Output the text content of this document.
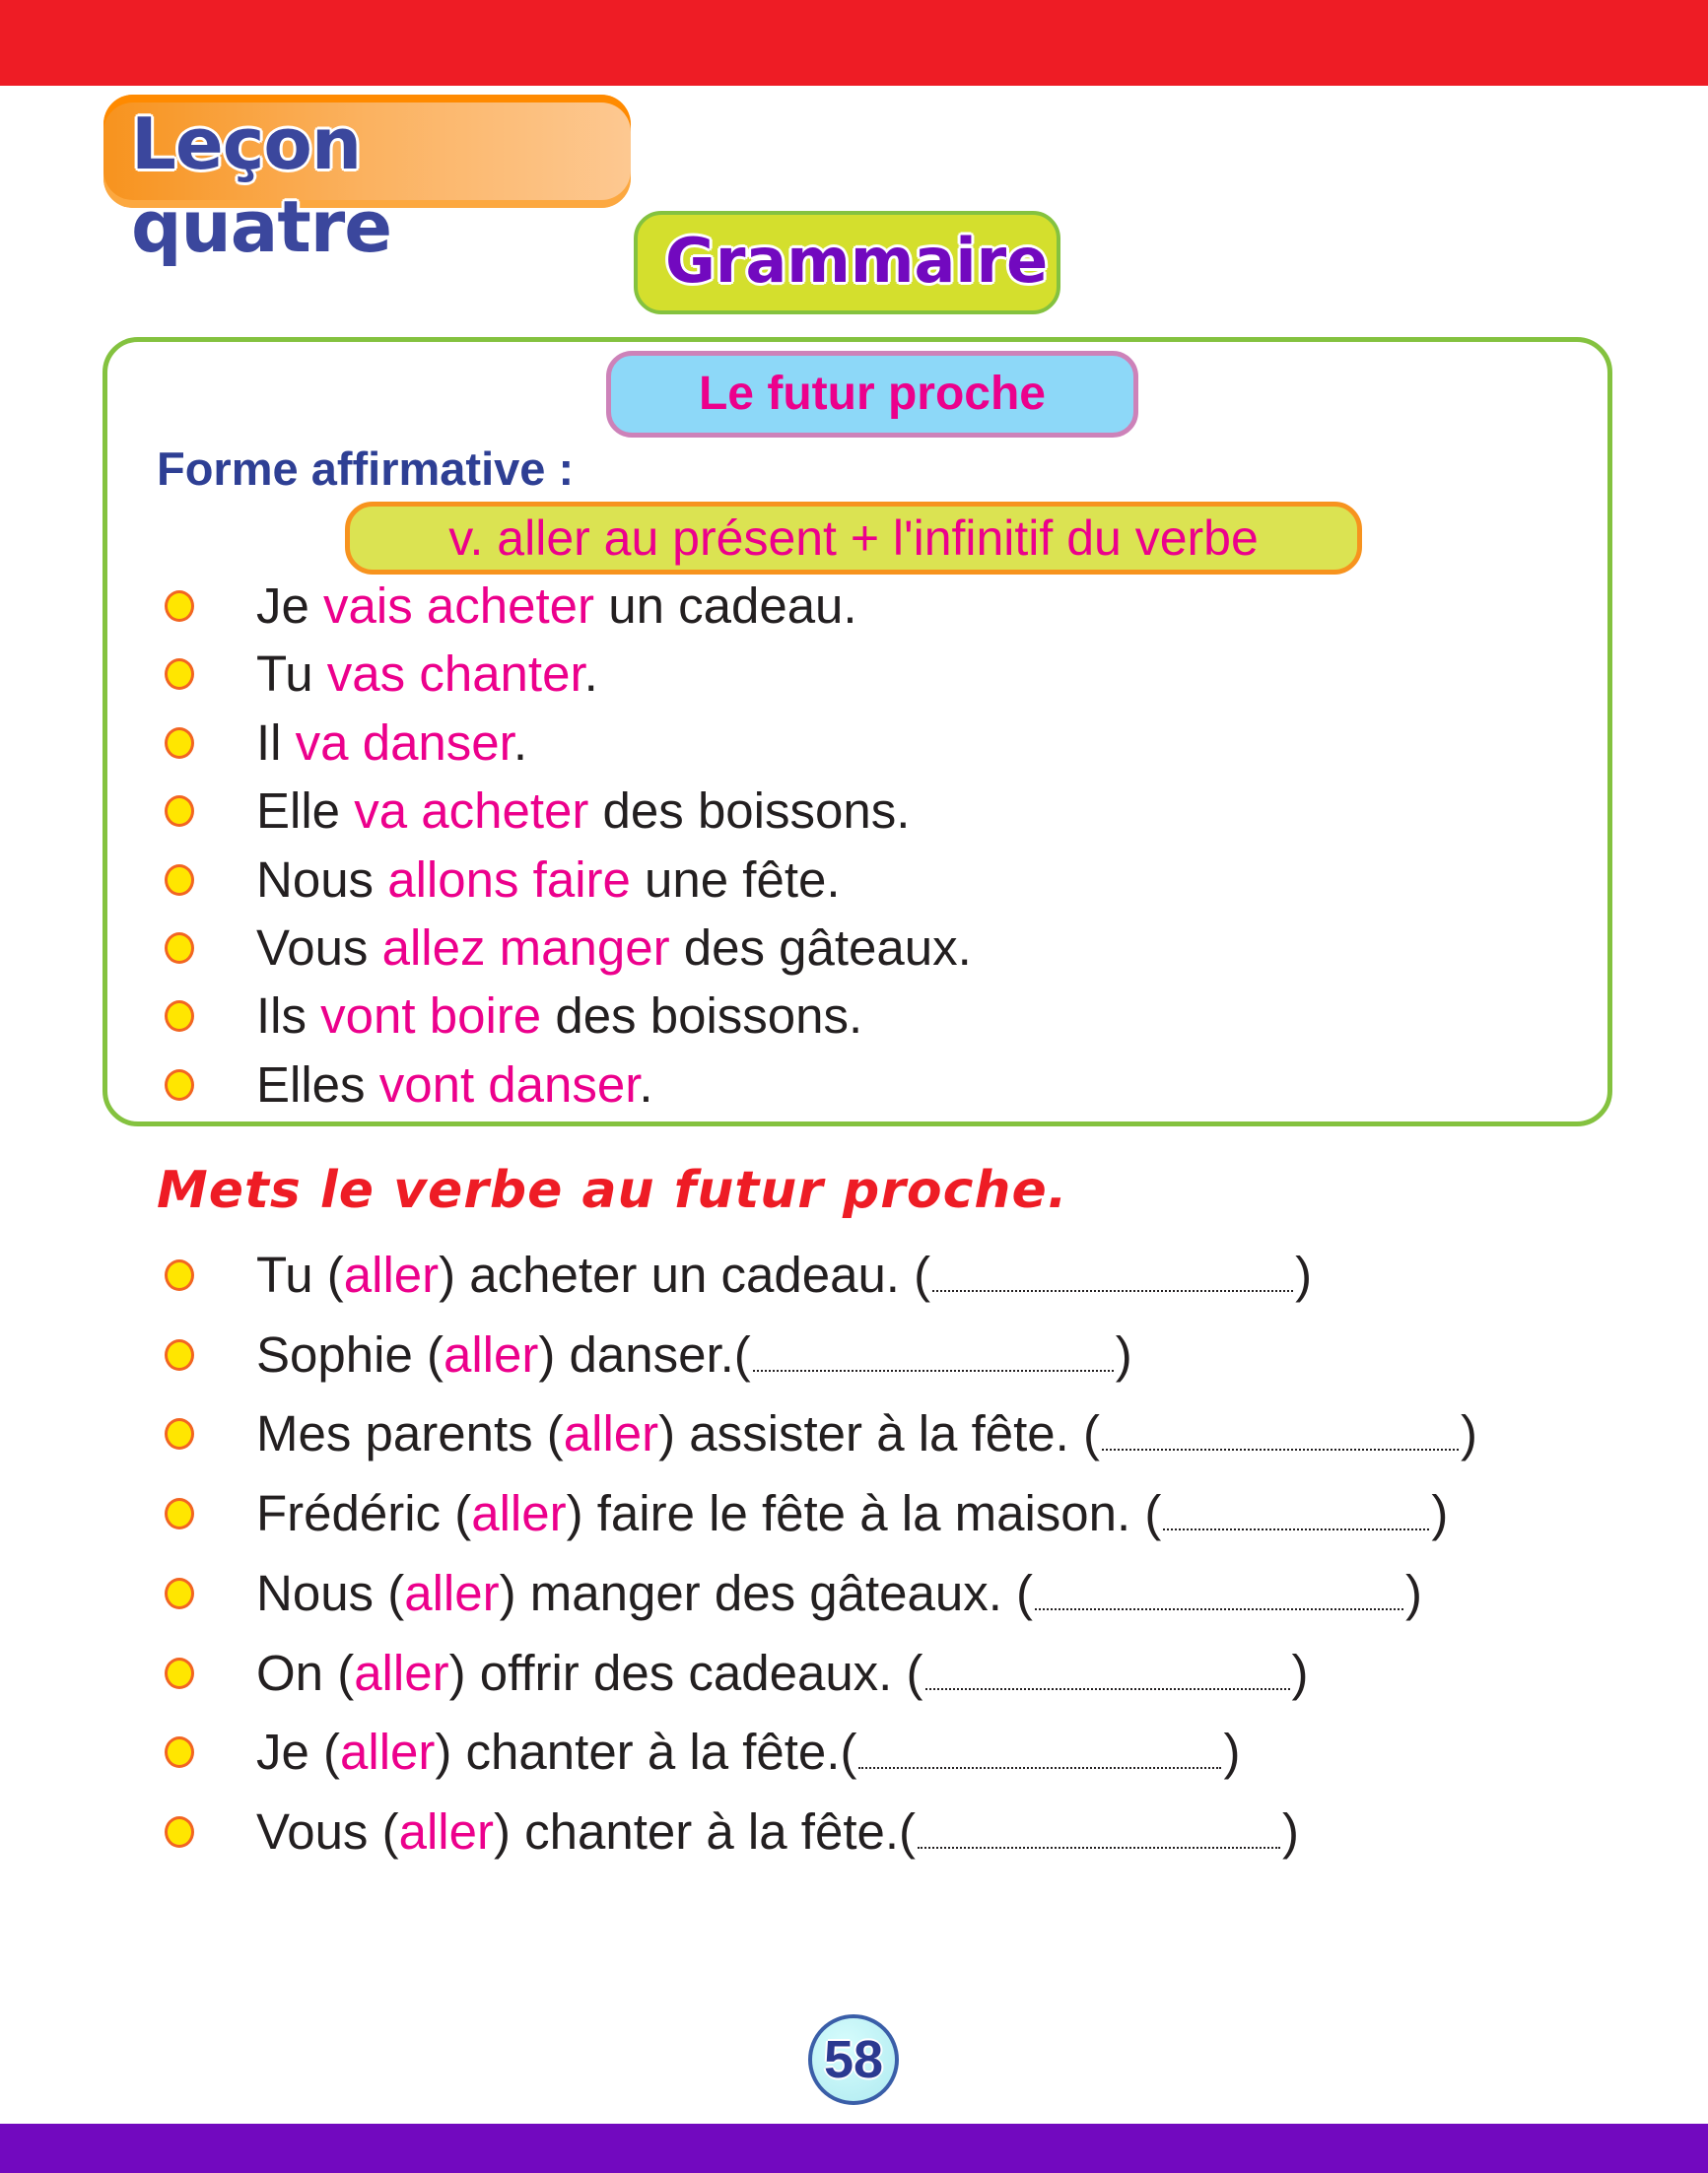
Leçon quatre	Grammaire
Le futur proche
Forme affirmative :
v. aller au présent + l'infinitif du verbe
Je vais acheter un cadeau.
Tu vas chanter.
Il va danser.
Elle va acheter des boissons.
Nous allons faire une fête.
Vous allez manger des gâteaux.
Ils vont boire des boissons.
Elles vont danser.
Mets le verbe au futur proche.
Tu (aller) acheter un cadeau. (	)
Sophie (aller) danser.(	)
Mes parents (aller) assister à la fête. (	)
Frédéric (aller) faire le fête à la maison. (	)
Nous (aller) manger des gâteaux. (	)
On (aller) offrir des cadeaux. (	)
Je (aller) chanter à la fête.(	)
Vous (aller) chanter à la fête.(	)
58
